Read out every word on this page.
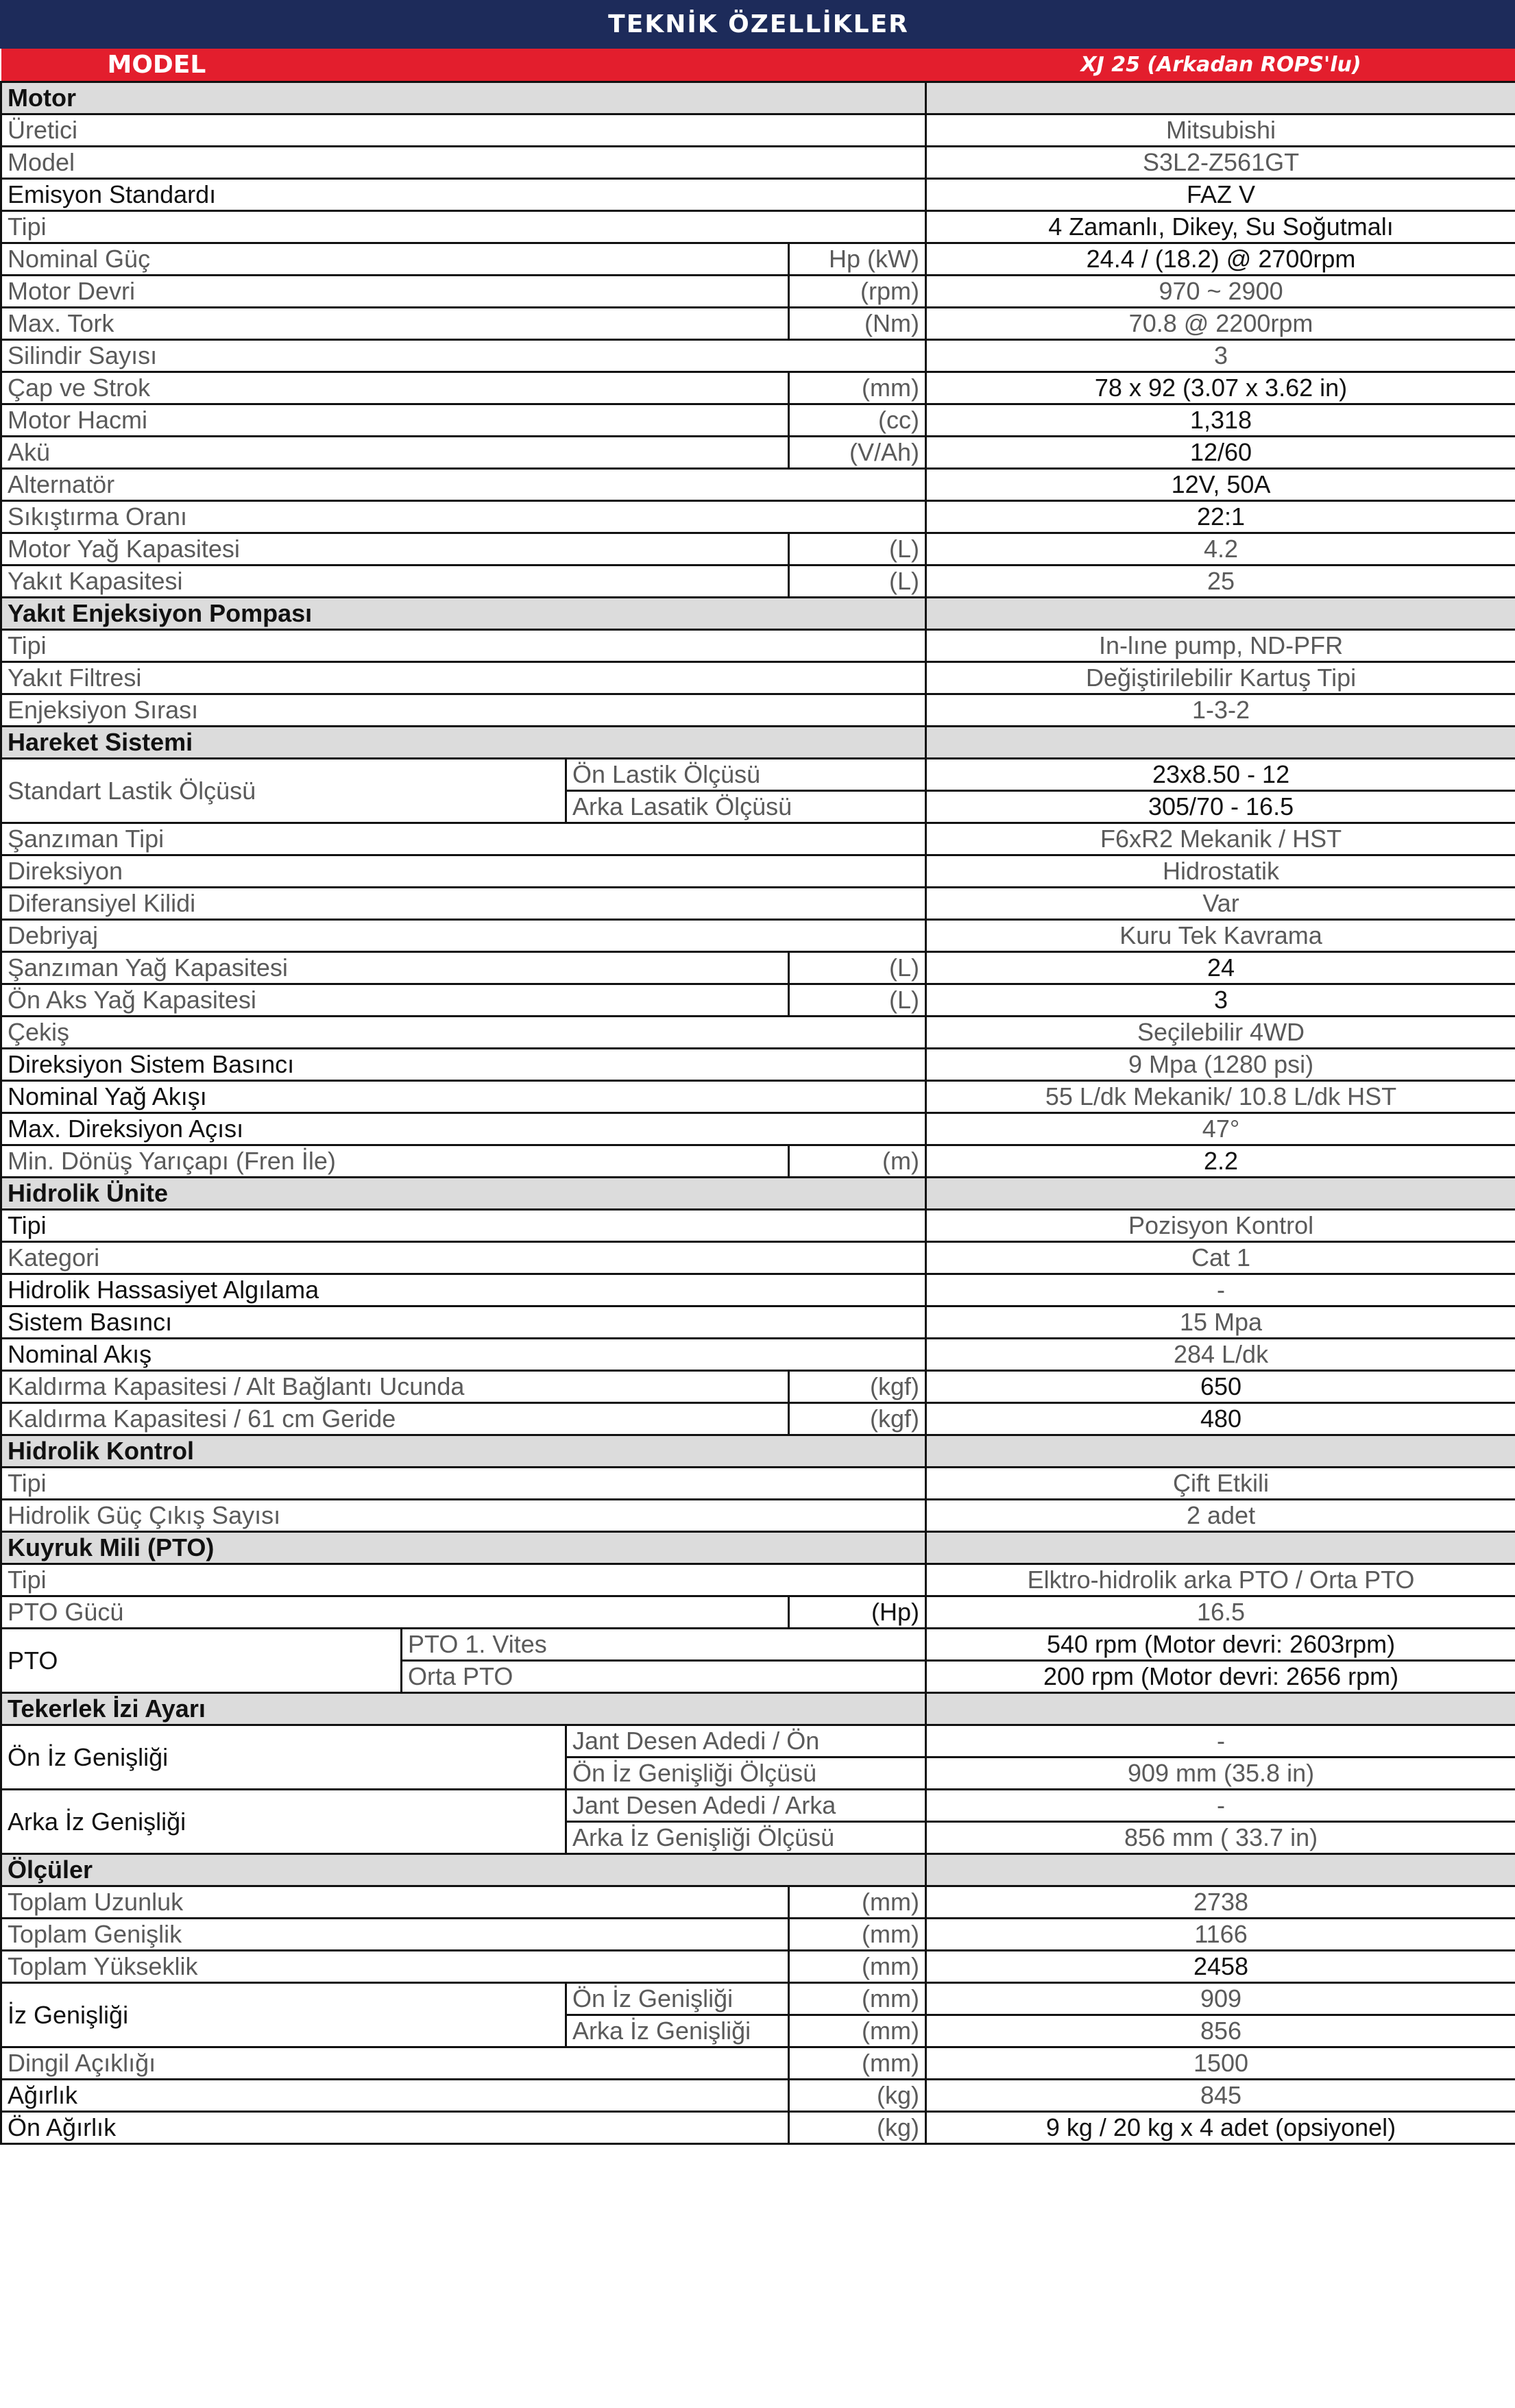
TEKNİK ÖZELLİKLER				
MODEL				XJ 25 (Arkadan ROPS'lu)
Motor				
Üretici				Mitsubishi
Model				S3L2-Z561GT
Emisyon Standardı				FAZ V
Tipi				4 Zamanlı, Dikey, Su Soğutmalı
Nominal Güç			Hp (kW)	24.4 / (18.2) @ 2700rpm
Motor Devri			(rpm)	970 ~ 2900
Max. Tork			(Nm)	70.8 @ 2200rpm
Silindir Sayısı				3
Çap ve Strok			(mm)	78 x 92 (3.07 x 3.62 in)
Motor Hacmi			(cc)	1,318
Akü			(V/Ah)	12/60
Alternatör				12V, 50A
Sıkıştırma Oranı				22:1
Motor Yağ Kapasitesi			(L)	4.2
Yakıt Kapasitesi			(L)	25
Yakıt Enjeksiyon Pompası				
Tipi				In-lıne pump, ND-PFR
Yakıt Filtresi				Değiştirilebilir Kartuş Tipi
Enjeksiyon Sırası				1-3-2
Hareket Sistemi				
Standart Lastik Ölçüsü		Ön Lastik Ölçüsü		23x8.50 - 12
		Arka Lasatik Ölçüsü		305/70 - 16.5
Şanzıman Tipi				F6xR2 Mekanik / HST
Direksiyon				Hidrostatik
Diferansiyel Kilidi				Var
Debriyaj				Kuru Tek Kavrama
Şanzıman Yağ Kapasitesi			(L)	24
Ön Aks Yağ Kapasitesi			(L)	3
Çekiş				Seçilebilir 4WD
Direksiyon Sistem Basıncı				9 Mpa (1280 psi)
Nominal Yağ Akışı				55 L/dk Mekanik/ 10.8 L/dk HST
Max. Direksiyon Açısı				47°
Min. Dönüş Yarıçapı (Fren İle)			(m)	2.2
Hidrolik Ünite				
Tipi				Pozisyon Kontrol
Kategori				Cat 1
Hidrolik Hassasiyet Algılama				-
Sistem Basıncı				15 Mpa
Nominal Akış				284 L/dk
Kaldırma Kapasitesi / Alt Bağlantı Ucunda			(kgf)	650
Kaldırma Kapasitesi / 61 cm Geride			(kgf)	480
Hidrolik Kontrol				
Tipi				Çift Etkili
Hidrolik Güç Çıkış Sayısı				2 adet
Kuyruk Mili (PTO)				
Tipi				Elktro-hidrolik arka PTO / Orta PTO
PTO Gücü			(Hp)	16.5
PTO	PTO 1. Vites			540 rpm (Motor devri: 2603rpm)
	Orta PTO			200 rpm (Motor devri: 2656 rpm)
Tekerlek İzi Ayarı				
Ön İz Genişliği		Jant Desen Adedi / Ön		-
		Ön İz Genişliği Ölçüsü		909 mm (35.8 in)
Arka İz Genişliği		Jant Desen Adedi / Arka		-
		Arka İz Genişliği Ölçüsü		856 mm ( 33.7 in)
Ölçüler				
Toplam Uzunluk			(mm)	2738
Toplam Genişlik			(mm)	1166
Toplam Yükseklik			(mm)	2458
İz Genişliği		Ön İz Genişliği	(mm)	909
		Arka İz Genişliği	(mm)	856
Dingil Açıklığı			(mm)	1500
Ağırlık			(kg)	845
Ön Ağırlık			(kg)	9 kg / 20 kg x 4 adet (opsiyonel)
